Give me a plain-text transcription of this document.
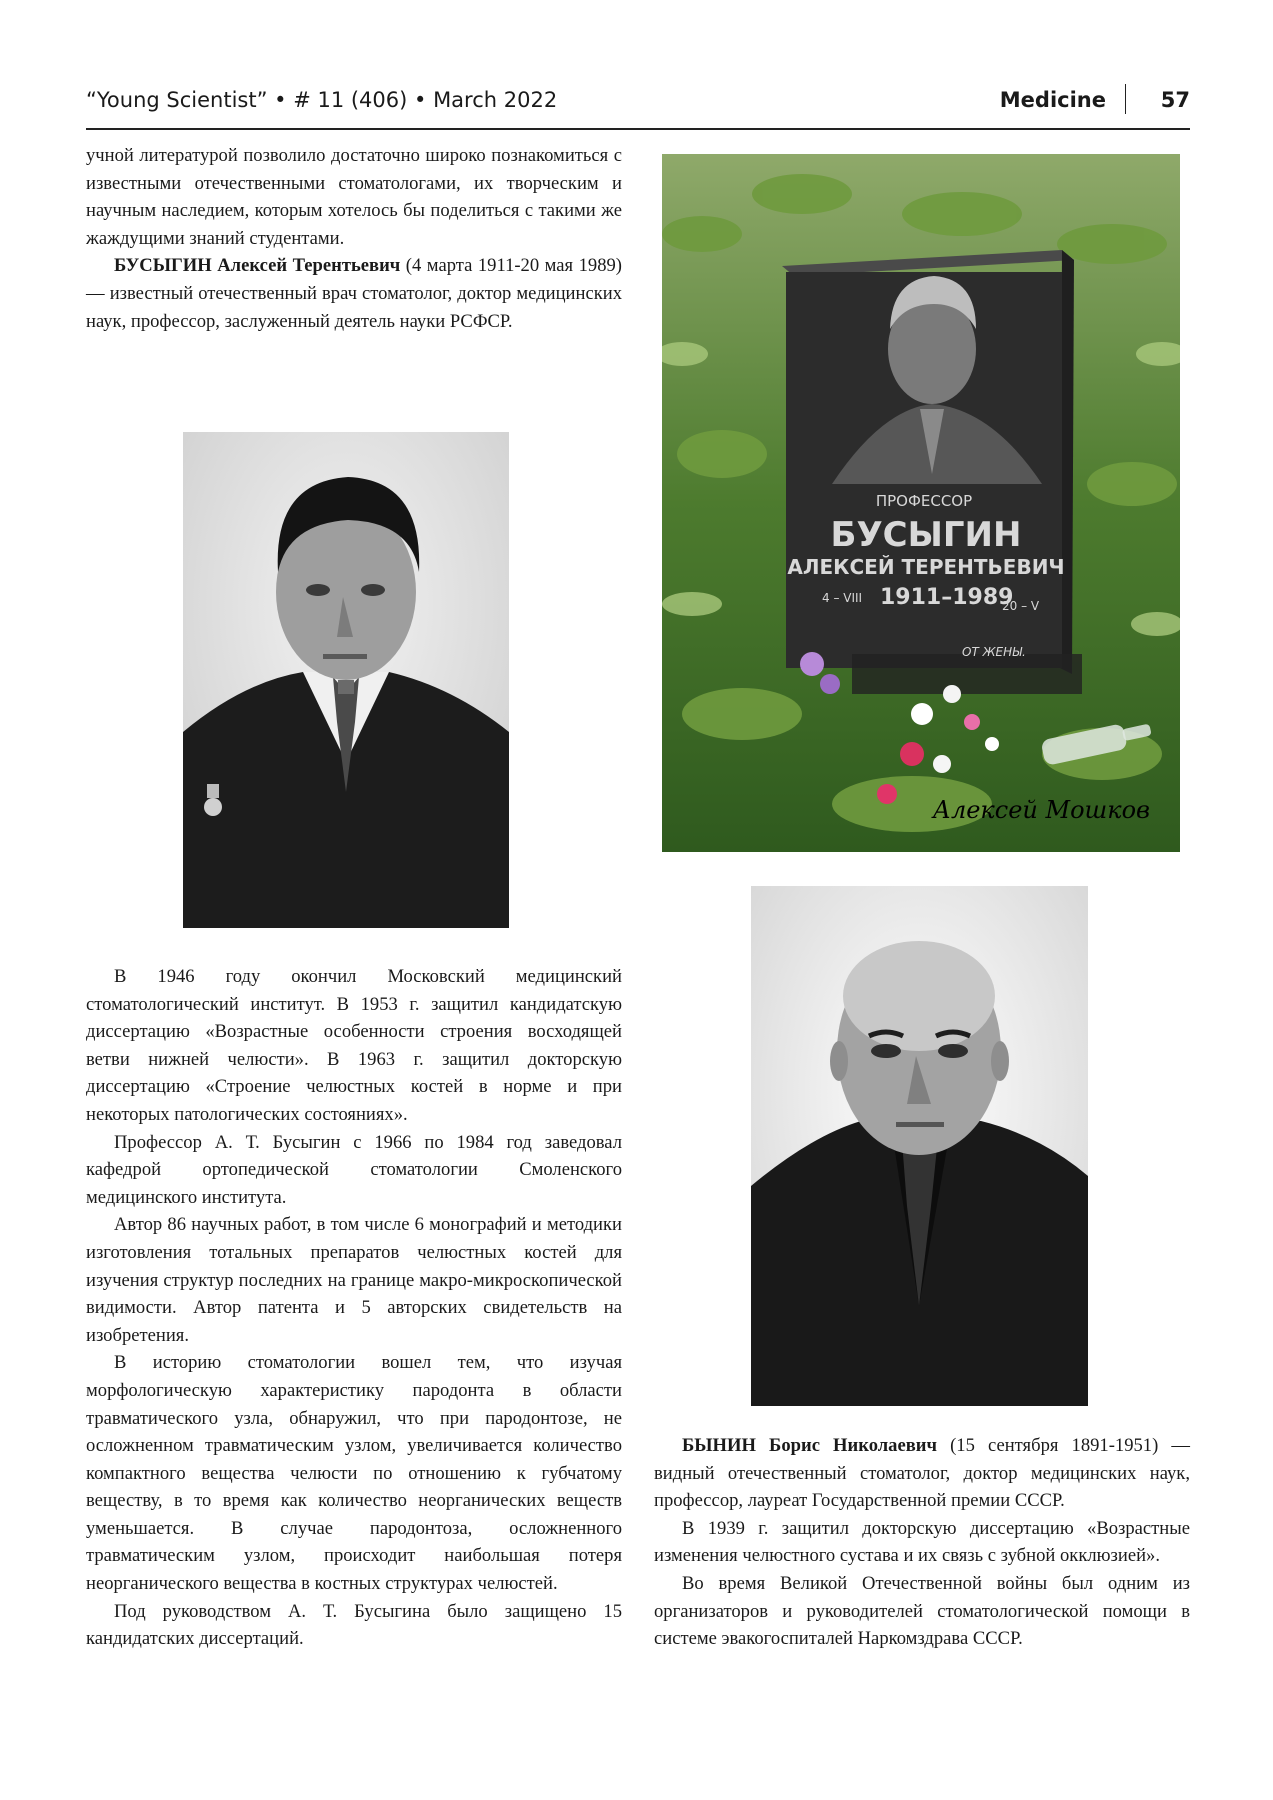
“Young Scientist” • # 11 (406) • March 2022	Medicine	57

учной литературой позволило достаточно широко познакомиться с известными отечественными стоматологами, их творческим и научным наследием, которым хотелось бы поделиться с такими же жаждущими знаний студентами.

БУСЫГИН Алексей Терентьевич (4 марта 1911-20 мая 1989) — известный отечественный врач стоматолог, доктор медицинских наук, профессор, заслуженный деятель науки РСФСР.

В 1946 году окончил Московский медицинский стоматологический институт. В 1953 г. защитил кандидатскую диссертацию «Возрастные особенности строения восходящей ветви нижней челюсти». В 1963 г. защитил докторскую диссертацию «Строение челюстных костей в норме и при некоторых патологических состояниях».

Профессор А. Т. Бусыгин с 1966 по 1984 год заведовал кафедрой ортопедической стоматологии Смоленского медицинского института.

Автор 86 научных работ, в том числе 6 монографий и методики изготовления тотальных препаратов челюстных костей для изучения структур последних на границе макро-микроскопической видимости. Автор патента и 5 авторских свидетельств на изобретения.

В историю стоматологии вошел тем, что изучая морфологическую характеристику пародонта в области травматического узла, обнаружил, что при пародонтозе, не осложненном травматическим узлом, увеличивается количество компактного вещества челюсти по отношению к губчатому веществу, в то время как количество неорганических веществ уменьшается. В случае пародонтоза, осложненного травматическим узлом, происходит наибольшая потеря неорганического вещества в костных структурах челюстей.

Под руководством А. Т. Бусыгина было защищено 15 кандидатских диссертаций.

ПРОФЕССОР
БУСЫГИН
АЛЕКСЕЙ ТЕРЕНТЬЕВИЧ
4 – VIII 1911–1989
20 – V
ОТ ЖЕНЫ.
Алексей Мошков

БЫНИН Борис Николаевич (15 сентября 1891-1951) — видный отечественный стоматолог, доктор медицинских наук, профессор, лауреат Государственной премии СССР.

В 1939 г. защитил докторскую диссертацию «Возрастные изменения челюстного сустава и их связь с зубной окклюзией».

Во время Великой Отечественной войны был одним из организаторов и руководителей стоматологической помощи в системе эвакогоспиталей Наркомздрава СССР.
